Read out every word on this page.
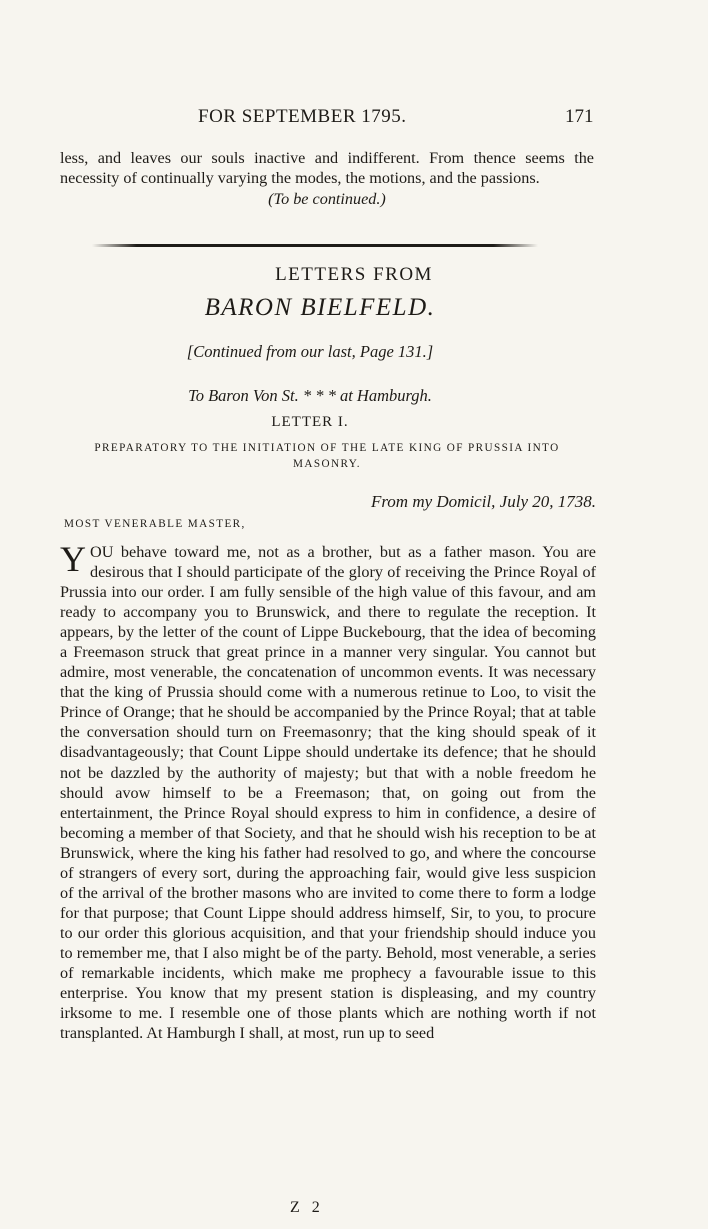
FOR SEPTEMBER 1795.	171

less, and leaves our souls inactive and indifferent. From thence seems the necessity of continually varying the modes, the motions, and the passions.

(To be continued.)
LETTERS FROM
BARON BIELFELD.
[Continued from our last, Page 131.]
To Baron Von St. * * * at Hamburgh.
LETTER I.
PREPARATORY TO THE INITIATION OF THE LATE KING OF PRUSSIA INTO MASONRY.
From my Domicil, July 20, 1738.
MOST VENERABLE MASTER,
Y OU behave toward me, not as a brother, but as a father mason. You are desirous that I should participate of the glory of receiving the Prince Royal of Prussia into our order. I am fully sensible of the high value of this favour, and am ready to accompany you to Brunswick, and there to regulate the reception. It appears, by the letter of the count of Lippe Buckebourg, that the idea of becoming a Freemason struck that great prince in a manner very singular. You cannot but admire, most venerable, the concatenation of uncommon events. It was necessary that the king of Prussia should come with a numerous retinue to Loo, to visit the Prince of Orange; that he should be accompanied by the Prince Royal; that at table the conversation should turn on Freemasonry; that the king should speak of it disadvantageously; that Count Lippe should undertake its defence; that he should not be dazzled by the authority of majesty; but that with a noble freedom he should avow himself to be a Freemason; that, on going out from the entertainment, the Prince Royal should express to him in confidence, a desire of becoming a member of that Society, and that he should wish his reception to be at Brunswick, where the king his father had resolved to go, and where the concourse of strangers of every sort, during the approaching fair, would give less suspicion of the arrival of the brother masons who are invited to come there to form a lodge for that purpose; that Count Lippe should address himself, Sir, to you, to procure to our order this glorious acquisition, and that your friendship should induce you to remember me, that I also might be of the party. Behold, most venerable, a series of remarkable incidents, which make me prophecy a favourable issue to this enterprise. You know that my present station is displeasing, and my country irksome to me. I resemble one of those plants which are nothing worth if not transplanted. At Hamburgh I shall, at most, run up to seed
Z 2
